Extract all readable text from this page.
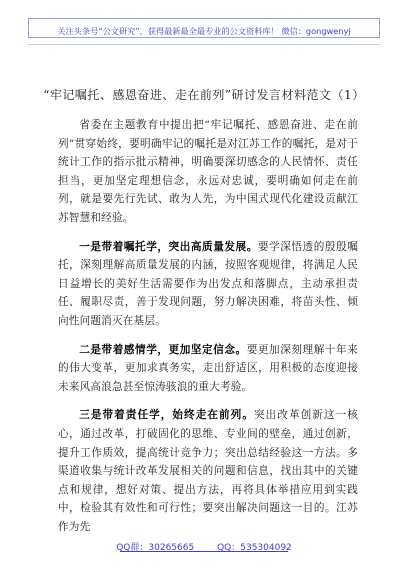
关注头条号“公文研究”，获得最新最全最专业的公文资料库！ 微信：gongwenyj
“牢记嘱托、感恩奋进、走在前列”研讨发言材料范文（1）

省委在主题教育中提出把“牢记嘱托、感恩奋进、走在前列”贯穿始终，要明确牢记的嘱托是对江苏工作的嘱托，是对于统计工作的指示批示精神，明确要深切感念的人民情怀、责任担当，更加坚定理想信念，永远对忠诚，要明确如何走在前列，就是要先行先试、敢为人先，为中国式现代化建设贡献江苏智慧和经验。

一是带着嘱托学，突出高质量发展。要学深悟透的殷殷嘱托，深刻理解高质量发展的内涵，按照客观规律，将满足人民日益增长的美好生活需要作为出发点和落脚点，主动承担责任、履职尽责，善于发现问题，努力解决困难，将苗头性、倾向性问题消灭在基层。

二是带着感情学，更加坚定信念。要更加深刻理解十年来的伟大变革，更加求真务实，走出舒适区，用积极的态度迎接未来风高浪急甚至惊涛骇浪的重大考验。

三是带着责任学，始终走在前列。突出改革创新这一核心，通过改革，打破固化的思维、专业间的壁垒，通过创新，提升工作质效，提高统计竞争力；突出总结经验这一方法。多渠道收集与统计改革发展相关的问题和信息，找出其中的关键点和规律，想好对策、提出方法，再将具体举措应用到实践中，检验其有效性和可行性；要突出解决问题这一目的。江苏作为先

QQ群：30265665	QQ：535304092
